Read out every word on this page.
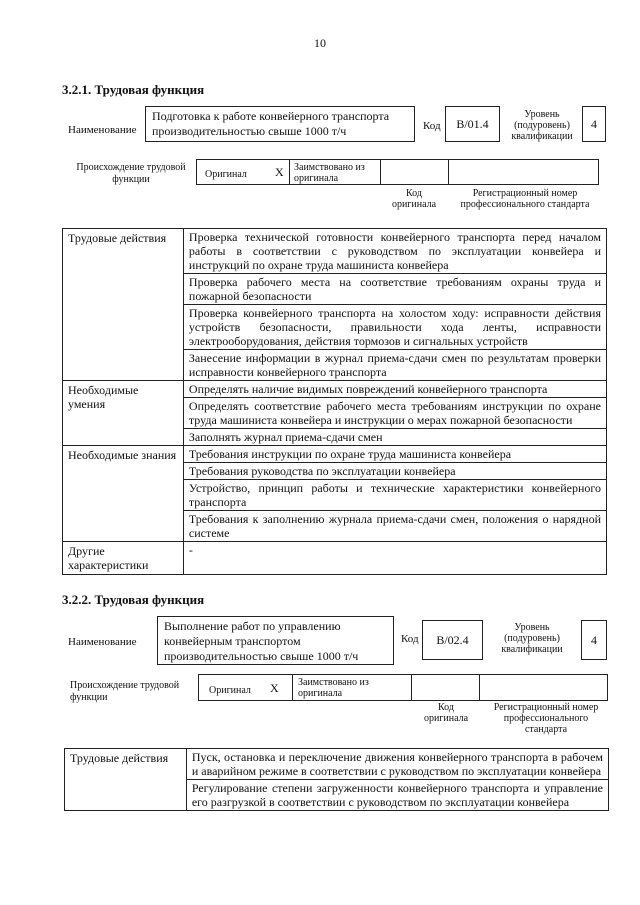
10
3.2.1. Трудовая функция
Наименование
Подготовка к работе конвейерного транспорта производительностью свыше 1000 т/ч	Код	B/01.4
Уровень (подуровень) квалификации
4
Происхождение трудовой функции	Оригинал X Заимствовано из оригинала
Код оригинала
Регистрационный номер профессионального стандарта
Трудовые действия	Проверка технической готовности конвейерного транспорта перед началом работы в соответствии с руководством по эксплуатации конвейера и инструкций по охране труда машиниста конвейера
	Проверка рабочего места на соответствие требованиям охраны труда и пожарной безопасности
	Проверка конвейерного транспорта на холостом ходу: исправности действия устройств безопасности, правильности хода ленты, исправности электрооборудования, действия тормозов и сигнальных устройств
	Занесение информации в журнал приема-сдачи смен по результатам проверки исправности конвейерного транспорта
Необходимые умения	Определять наличие видимых повреждений конвейерного транспорта
	Определять соответствие рабочего места требованиям инструкции по охране труда машиниста конвейера и инструкции о мерах пожарной безопасности
	Заполнять журнал приема-сдачи смен
Необходимые знания	Требования инструкции по охране труда машиниста конвейера
	Требования руководства по эксплуатации конвейера
	Устройство, принцип работы и технические характеристики конвейерного транспорта
	Требования к заполнению журнала приема-сдачи смен, положения о нарядной системе
Другие характеристики	-
3.2.2. Трудовая функция
Наименование
Выполнение работ по управлению конвейерным транспортом производительностью свыше 1000 т/ч
Код	B/02.4
Уровень (подуровень) квалификации
4
Происхождение трудовой функции
Оригинал X Заимствовано из оригинала
Код оригинала
Регистрационный номер профессионального стандарта
Трудовые действия	Пуск, остановка и переключение движения конвейерного транспорта в рабочем и аварийном режиме в соответствии с руководством по эксплуатации конвейера
Регулирование степени загруженности конвейерного транспорта и управление его разгрузкой в соответствии с руководством по эксплуатации конвейера
